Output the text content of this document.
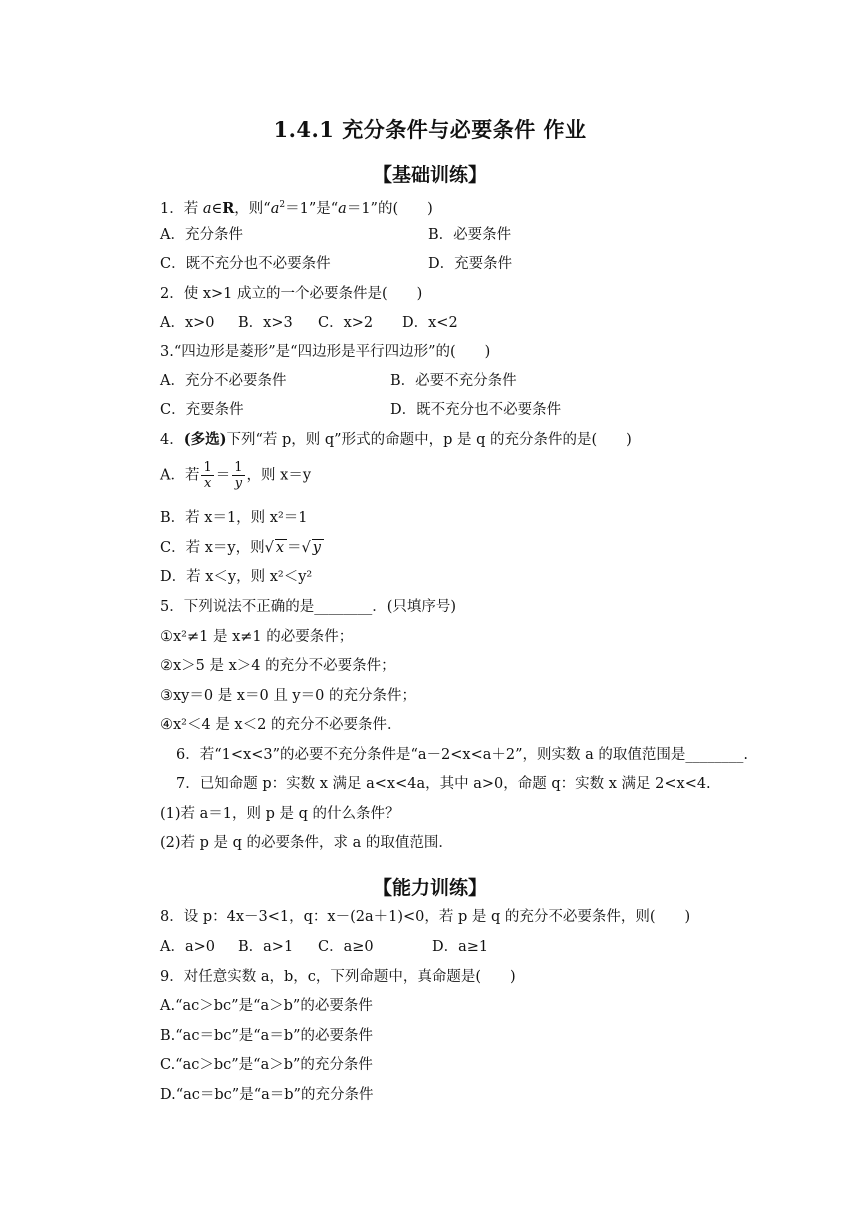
1.4.1 充分条件与必要条件 作业
【基础训练】
1．若 a∈R，则“$a^2=1$”是“a＝1”的(　　)
A．充分条件	B．必要条件
C．既不充分也不必要条件	D．充要条件
2．使 x>1 成立的一个必要条件是(　　)
A．x>0 B．x>3 C．x>2 D．x<2
3.“四边形是菱形”是“四边形是平行四边形”的(　　)
A．充分不必要条件	B．必要不充分条件
C．充要条件	D．既不充分也不必要条件
4．(多选)下列“若 p，则 q”形式的命题中，p 是 q 的充分条件的是(　　)
A．若 $\frac{1}{x} = \frac{1}{y}$ ，则 x＝y
B．若 x＝1，则 x²＝1
C．若 x＝y，则√ x ＝√ y
D．若 x＜y，则 x²＜y²
5．下列说法不正确的是________．(只填序号)
①x²≠1 是 x≠1 的必要条件；
②x＞5 是 x＞4 的充分不必要条件；
③xy＝0 是 x＝0 且 y＝0 的充分条件；
④x²＜4 是 x＜2 的充分不必要条件．
6．若“1<x<3”的必要不充分条件是“a－2<x<a＋2”，则实数 a 的取值范围是________.
7．已知命题 p：实数 x 满足 a<x<4a，其中 a>0，命题 q：实数 x 满足 2<x<4.
(1)若 a＝1，则 p 是 q 的什么条件？
(2)若 p 是 q 的必要条件，求 a 的取值范围．
【能力训练】
8．设 p：4x－3<1，q：x－(2a＋1)<0，若 p 是 q 的充分不必要条件，则(　　)
A．a>0 B．a>1 C．a≥0	D．a≥1
9．对任意实数 a，b，c，下列命题中，真命题是(　　)
A.“ac＞bc”是“a＞b”的必要条件
B.“ac＝bc”是“a＝b”的必要条件
C.“ac＞bc”是“a＞b”的充分条件
D.“ac＝bc”是“a＝b”的充分条件
